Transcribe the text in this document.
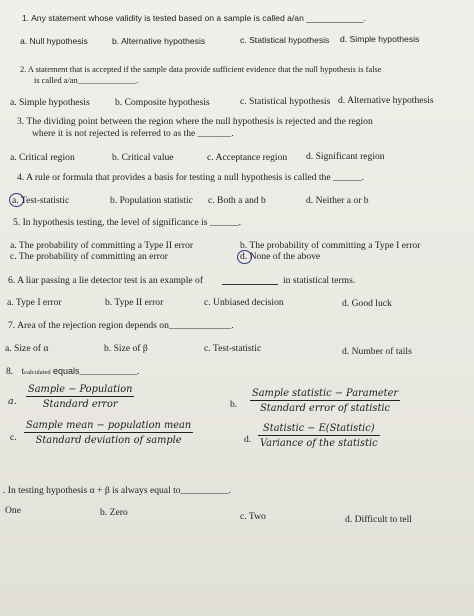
1. Any statement whose validity is tested based on a sample is called a/an ____________.
a. Null hypothesis	b. Alternative hypothesis	c. Statistical hypothesis d. Simple hypothesis
2. A statement that is accepted if the sample data provide sufficient evidence that the null hypothesis is false
is called a/an______________.
a. Simple hypothesis	b. Composite hypothesis	c. Statistical hypothesis d. Alternative hypothesis
3. The dividing point between the region where the null hypothesis is rejected and the region
where it is not rejected is referred to as the _______.
a. Critical region	b. Critical value	c. Acceptance region d. Significant region
4. A rule or formula that provides a basis for testing a null hypothesis is called the ______.
a. Test-statistic	b. Population statistic c. Both a and b	d. Neither a or b
5. In hypothesis testing, the level of significance is ______.
a. The probability of committing a Type II error	b. The probability of committing a Type I error
c. The probability of committing an error	d. None of the above
6. A liar passing a lie detector test is an example of	in statistical terms.
a. Type I error	b. Type II error	c. Unbiased decision	d. Good luck
7. Area of the rejection region depends on_____________.
a. Size of α	b. Size of β	c. Test-statistic	d. Number of tails
8. tcalculated equals____________.
a.
Sample − Population
Standard error	b.
Sample statistic − Parameter
Standard error of statistic
c.
Sample mean − population mean
Standard deviation of sample	d.
Statistic − E(Statistic)
Variance of the statistic
. In testing hypothesis α + β is always equal to__________.
One	b. Zero	c. Two	d. Difficult to tell
